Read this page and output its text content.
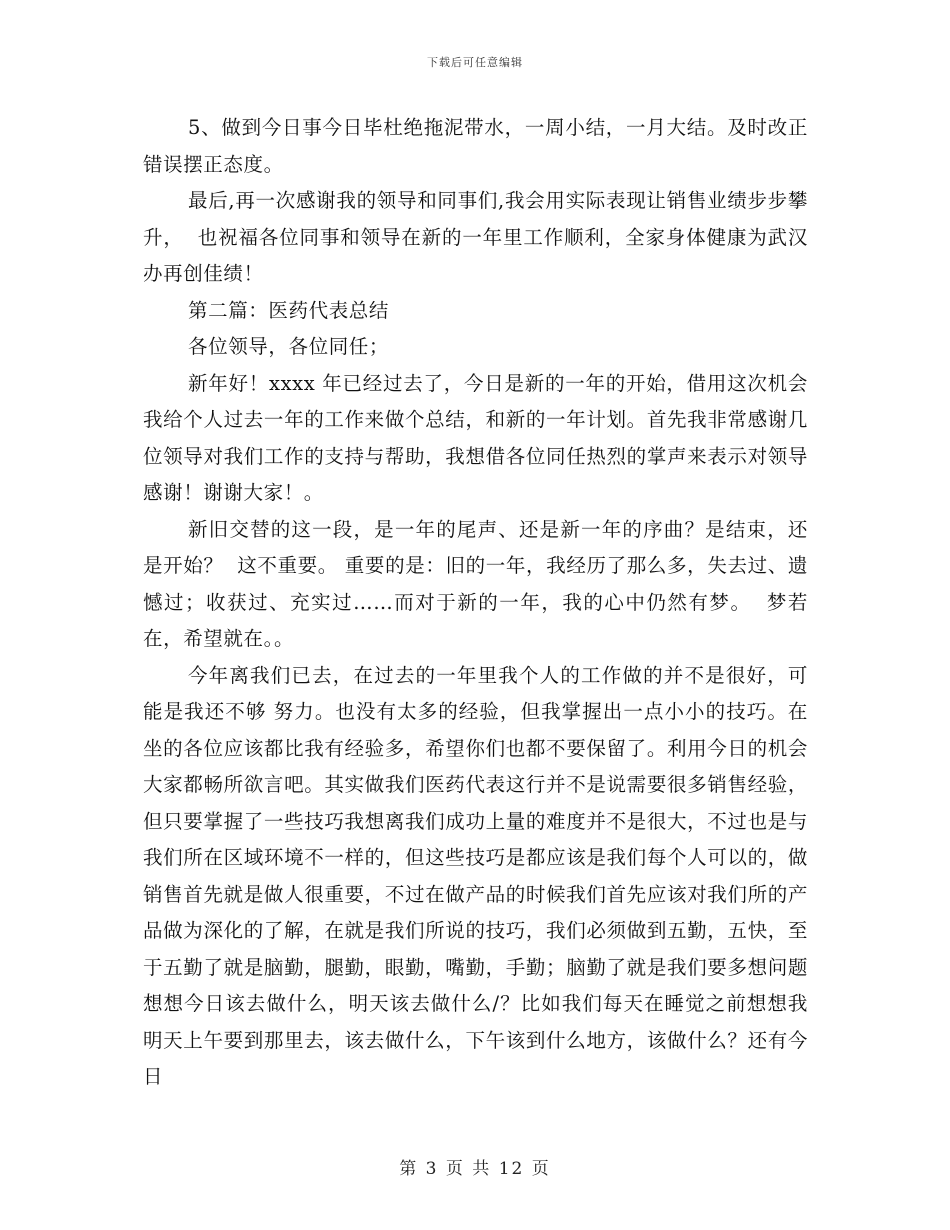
下载后可任意编辑

5、做到今日事今日毕杜绝拖泥带水，一周小结，一月大结。及时改正错误摆正态度。

最后,再一次感谢我的领导和同事们,我会用实际表现让销售业绩步步攀升，  也祝福各位同事和领导在新的一年里工作顺利，全家身体健康为武汉办再创佳绩！

第二篇：医药代表总结

各位领导，各位同任；

新年好！xxxx 年已经过去了，今日是新的一年的开始，借用这次机会我给个人过去一年的工作来做个总结，和新的一年计划。首先我非常感谢几位领导对我们工作的支持与帮助，我想借各位同任热烈的掌声来表示对领导感谢！谢谢大家！。

新旧交替的这一段，是一年的尾声、还是新一年的序曲？是结束，还是开始？  这不重要。 重要的是：旧的一年，我经历了那么多，失去过、遗憾过；收获过、充实过……而对于新的一年，我的心中仍然有梦。  梦若在，希望就在。。

今年离我们已去，在过去的一年里我个人的工作做的并不是很好，可能是我还不够 努力。也没有太多的经验，但我掌握出一点小小的技巧。在坐的各位应该都比我有经验多，希望你们也都不要保留了。利用今日的机会大家都畅所欲言吧。其实做我们医药代表这行并不是说需要很多销售经验，但只要掌握了一些技巧我想离我们成功上量的难度并不是很大，不过也是与我们所在区域环境不一样的，但这些技巧是都应该是我们每个人可以的，做销售首先就是做人很重要，不过在做产品的时候我们首先应该对我们所的产品做为深化的了解，在就是我们所说的技巧，我们必须做到五勤，五快，至于五勤了就是脑勤，腿勤，眼勤，嘴勤，手勤；脑勤了就是我们要多想问题想想今日该去做什么，明天该去做什么/？比如我们每天在睡觉之前想想我明天上午要到那里去，该去做什么，下午该到什么地方，该做什么？还有今日

第 3 页 共 12 页
